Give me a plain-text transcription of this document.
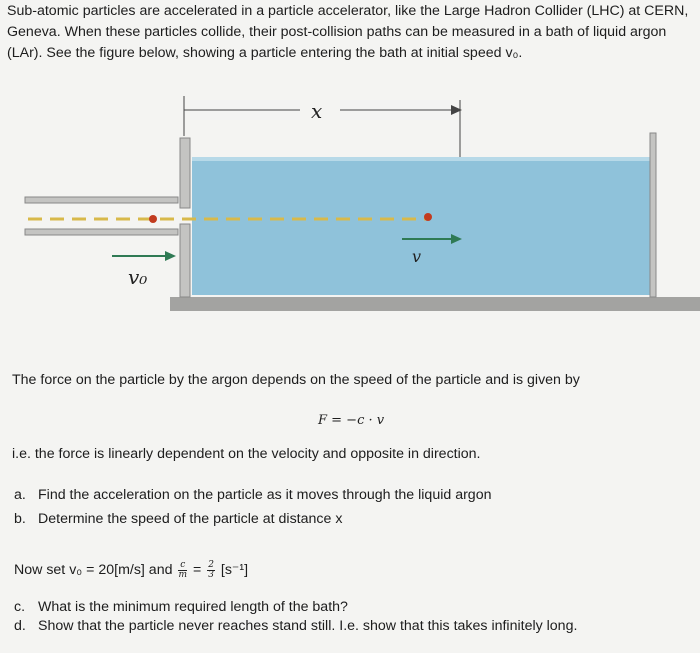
Sub-atomic particles are accelerated in a particle accelerator, like the Large Hadron Collider (LHC) at CERN, Geneva. When these particles collide, their post-collision paths can be measured in a bath of liquid argon (LAr). See the figure below, showing a particle entering the bath at initial speed v₀.
x
v₀
v
The force on the particle by the argon depends on the speed of the particle and is given by
F = −c · v
i.e. the force is linearly dependent on the velocity and opposite in direction.
a. Find the acceleration on the particle as it moves through the liquid argon
b. Determine the speed of the particle at distance x
Now set v₀ = 20[m/s] and $\frac{c}{m} = \frac{2}{3} [s^{-1}]$
c. What is the minimum required length of the bath?
d. Show that the particle never reaches stand still. I.e. show that this takes infinitely long.
